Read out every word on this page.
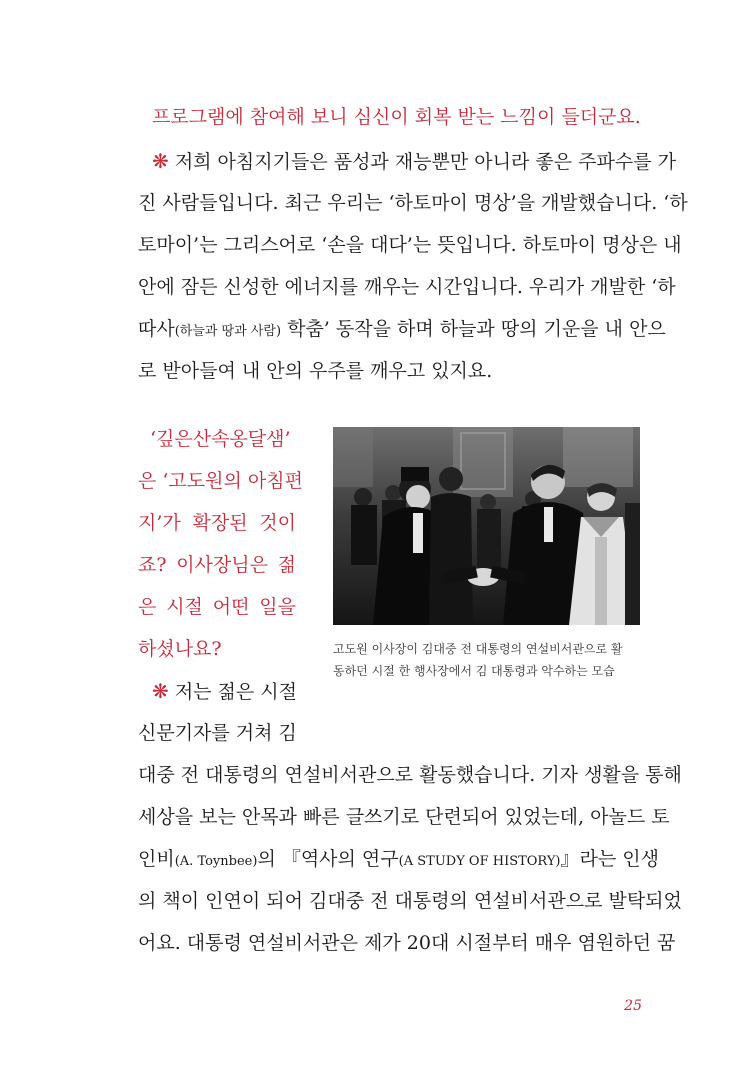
프로그램에 참여해 보니 심신이 회복 받는 느낌이 들더군요.
❋ 저희 아침지기들은 품성과 재능뿐만 아니라 좋은 주파수를 가
진 사람들입니다. 최근 우리는 ‘하토마이 명상’을 개발했습니다. ‘하
토마이’는 그리스어로 ‘손을 대다’는 뜻입니다. 하토마이 명상은 내
안에 잠든 신성한 에너지를 깨우는 시간입니다. 우리가 개발한 ‘하
따사(하늘과 땅과 사람) 학춤’ 동작을 하며 하늘과 땅의 기운을 내 안으
로 받아들여 내 안의 우주를 깨우고 있지요.
‘깊은산속옹달샘’
은 ‘고도원의 아침편
지’가 확장된 것이
죠? 이사장님은 젊
은 시절 어떤 일을
하셨나요?
❋ 저는 젊은 시절
신문기자를 거쳐 김
고도원 이사장이 김대중 전 대통령의 연설비서관으로 활
동하던 시절 한 행사장에서 김 대통령과 악수하는 모습
대중 전 대통령의 연설비서관으로 활동했습니다. 기자 생활을 통해
세상을 보는 안목과 빠른 글쓰기로 단련되어 있었는데, 아놀드 토
인비(A. Toynbee)의 『역사의 연구(A STUDY OF HISTORY)』라는 인생
의 책이 인연이 되어 김대중 전 대통령의 연설비서관으로 발탁되었
어요. 대통령 연설비서관은 제가 20대 시절부터 매우 염원하던 꿈
25
